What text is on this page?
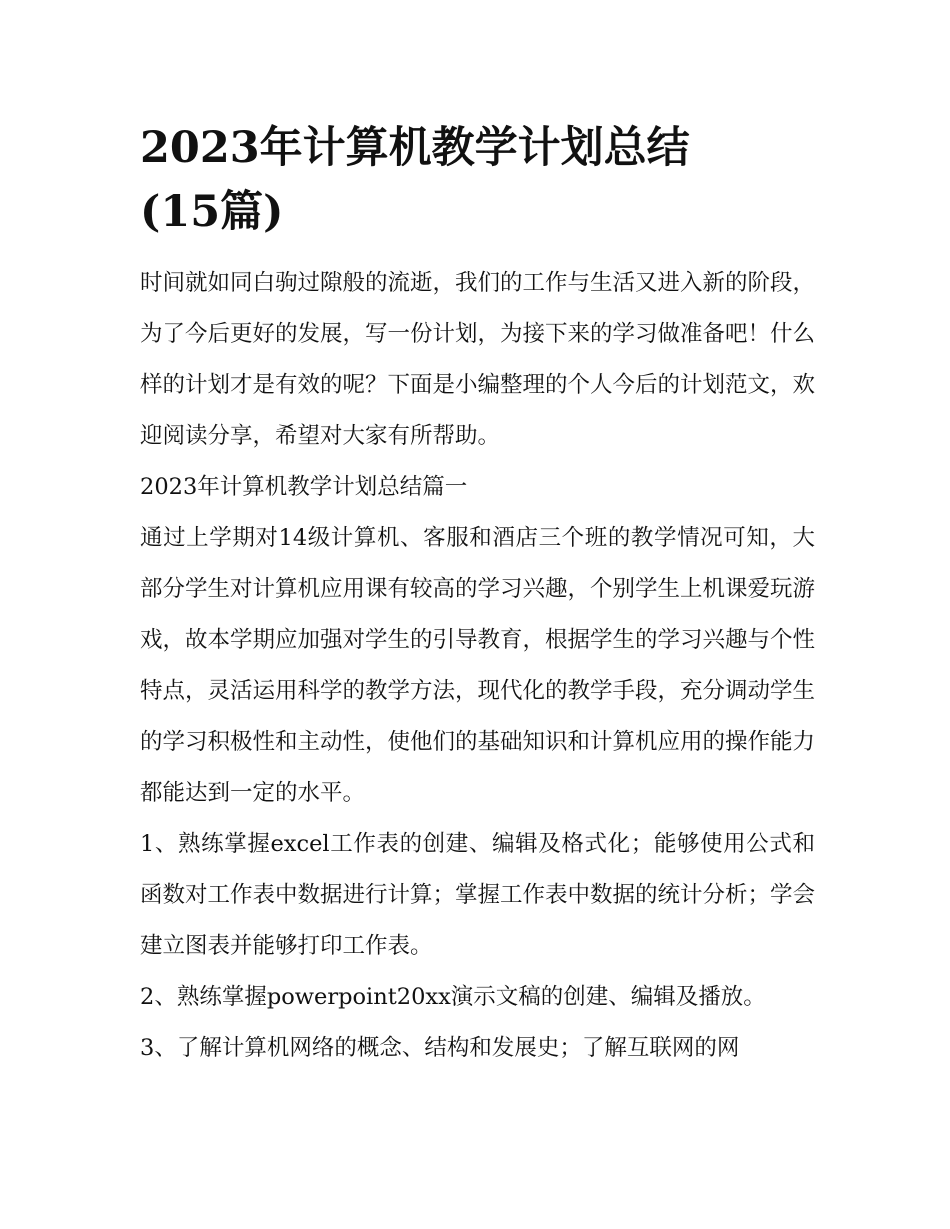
2023年计算机教学计划总结
(15篇)

时间就如同白驹过隙般的流逝，我们的工作与生活又进入新的阶段，为了今后更好的发展，写一份计划，为接下来的学习做准备吧！什么样的计划才是有效的呢？下面是小编整理的个人今后的计划范文，欢迎阅读分享，希望对大家有所帮助。

2023年计算机教学计划总结篇一

通过上学期对14级计算机、客服和酒店三个班的教学情况可知，大部分学生对计算机应用课有较高的学习兴趣，个别学生上机课爱玩游戏，故本学期应加强对学生的引导教育，根据学生的学习兴趣与个性特点，灵活运用科学的教学方法，现代化的教学手段，充分调动学生的学习积极性和主动性，使他们的基础知识和计算机应用的操作能力都能达到一定的水平。

1、熟练掌握excel工作表的创建、编辑及格式化；能够使用公式和函数对工作表中数据进行计算；掌握工作表中数据的统计分析；学会建立图表并能够打印工作表。

2、熟练掌握powerpoint20xx演示文稿的创建、编辑及播放。

3、了解计算机网络的概念、结构和发展史；了解互联网的网
